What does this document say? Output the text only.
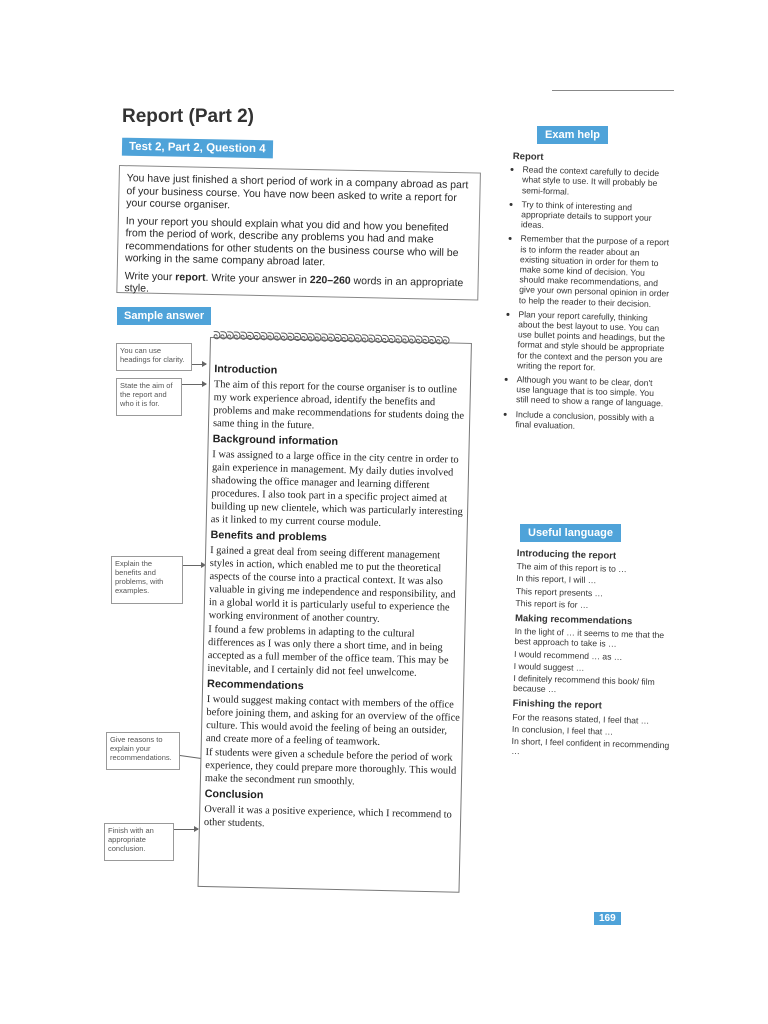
Report (Part 2)
Test 2, Part 2, Question 4

You have just finished a short period of work in a company abroad as part of your business course. You have now been asked to write a report for your course organiser.

In your report you should explain what you did and how you benefited from the period of work, describe any problems you had and make recommendations for other students on the business course who will be working in the same company abroad later.

Write your report. Write your answer in 220–260 words in an appropriate style.

Sample answer
You can use headings for clarity.
State the aim of the report and who it is for.
Explain the benefits and problems, with examples.
Give reasons to explain your recommendations.
Finish with an appropriate conclusion.
ᘐᘐᘐᘐᘐᘐᘐᘐᘐᘐᘐᘐᘐᘐᘐᘐᘐᘐᘐᘐᘐᘐᘐᘐᘐᘐᘐᘐᘐᘐᘐᘐᘐᘐᘐ
Introduction

The aim of this report for the course organiser is to outline my work experience abroad, identify the benefits and problems and make recommendations for students doing the same thing in the future.

Background information

I was assigned to a large office in the city centre in order to gain experience in management. My daily duties involved shadowing the office manager and learning different procedures. I also took part in a specific project aimed at building up new clientele, which was particularly interesting as it linked to my current course module.

Benefits and problems

I gained a great deal from seeing different management styles in action, which enabled me to put the theoretical aspects of the course into a practical context. It was also valuable in giving me independence and responsibility, and in a global world it is particularly useful to experience the working environment of another country.

I found a few problems in adapting to the cultural differences as I was only there a short time, and in being accepted as a full member of the office team. This may be inevitable, and I certainly did not feel unwelcome.

Recommendations

I would suggest making contact with members of the office before joining them, and asking for an overview of the office culture. This would avoid the feeling of being an outsider, and create more of a feeling of teamwork.

If students were given a schedule before the period of work experience, they could prepare more thoroughly. This would make the secondment run smoothly.

Conclusion

Overall it was a positive experience, which I recommend to other students.

Exam help
Report
• Read the context carefully to decide what style to use. It will probably be semi-formal.
• Try to think of interesting and appropriate details to support your ideas.
• Remember that the purpose of a report is to inform the reader about an existing situation in order for them to make some kind of decision. You should make recommendations, and give your own personal opinion in order to help the reader to their decision.
• Plan your report carefully, thinking about the best layout to use. You can use bullet points and headings, but the format and style should be appropriate for the context and the person you are writing the report for.
• Although you want to be clear, don't use language that is too simple. You still need to show a range of language.
• Include a conclusion, possibly with a final evaluation.
Useful language
Introducing the report
The aim of this report is to …
In this report, I will …
This report presents …
This report is for …
Making recommendations
In the light of … it seems to me that the best approach to take is …
I would recommend … as …
I would suggest …
I definitely recommend this book/ film because …
Finishing the report
For the reasons stated, I feel that …
In conclusion, I feel that …
In short, I feel confident in recommending …
169
